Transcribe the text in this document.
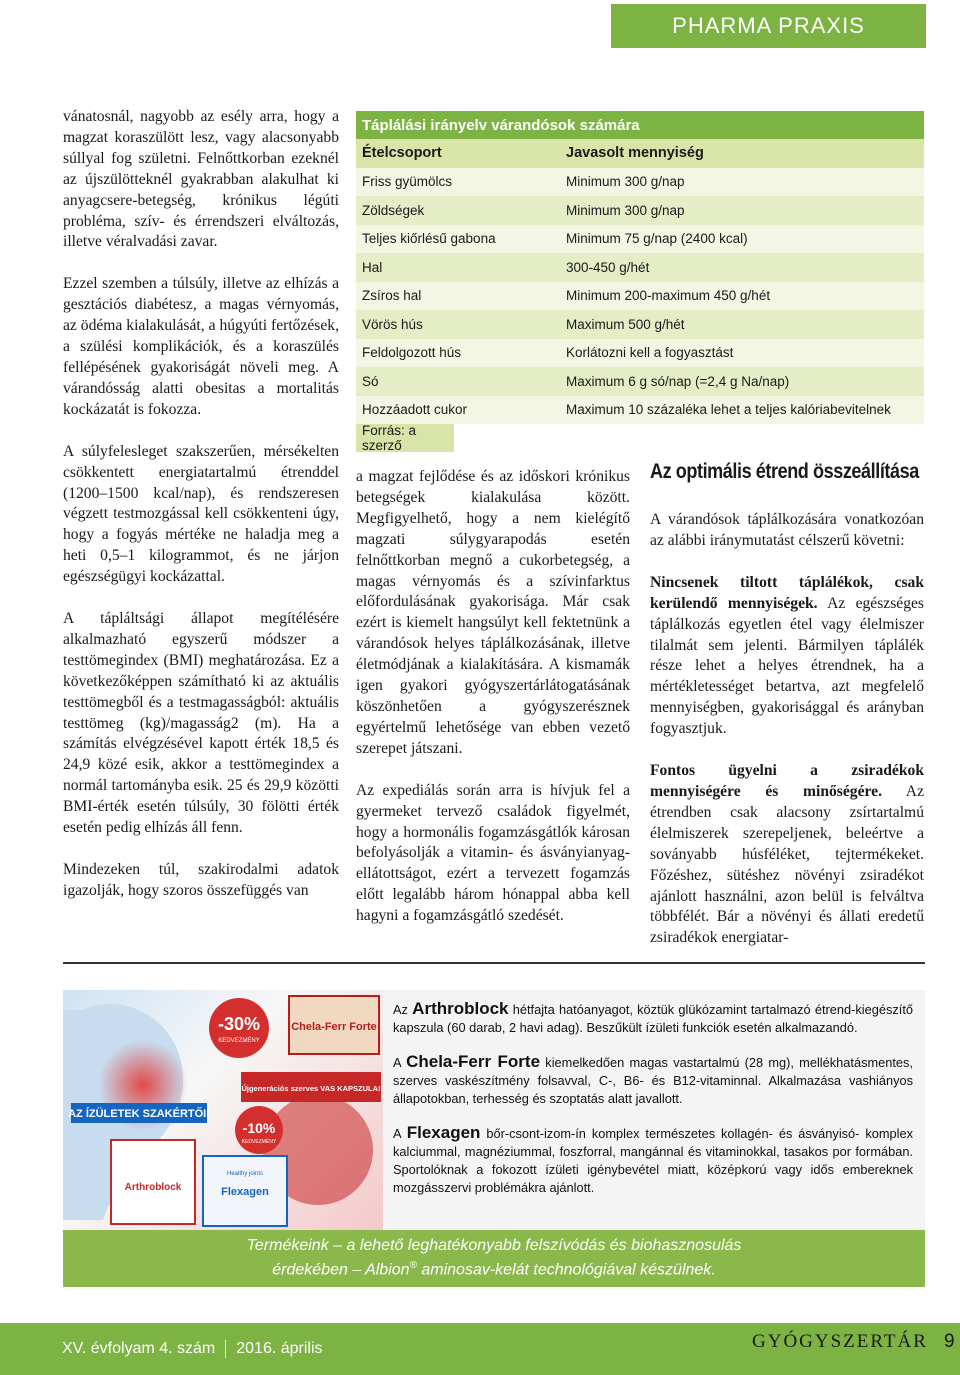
PHARMA PRAXIS

vánatosnál, nagyobb az esély arra, hogy a magzat koraszülött lesz, vagy alacsonyabb súllyal fog születni. Felnőttkorban ezeknél az újszülötteknél gyakrabban alakulhat ki anyagcsere-betegség, krónikus légúti probléma, szív- és érrendszeri elváltozás, illetve véralvadási zavar.

Ezzel szemben a túlsúly, illetve az elhízás a gesztációs diabétesz, a magas vérnyomás, az ödéma kialakulását, a húgyúti fertőzések, a szülési komplikációk, és a koraszülés fellépésének gyakoriságát növeli meg. A várandósság alatti obesitas a mortalitás kockázatát is fokozza.

A súlyfelesleget szakszerűen, mérsékelten csökkentett energiatartalmú étrenddel (1200–1500 kcal/nap), és rendszeresen végzett testmozgással kell csökkenteni úgy, hogy a fogyás mértéke ne haladja meg a heti 0,5–1 kilogrammot, és ne járjon egészségügyi kockázattal.

A tápláltsági állapot megítélésére alkalmazható egyszerű módszer a testtömegindex (BMI) meghatározása. Ez a következőképpen számítható ki az aktuális testtömegből és a testmagasságból: aktuális testtömeg (kg)/magasság2 (m). Ha a számítás elvégzésével kapott érték 18,5 és 24,9 közé esik, akkor a testtömegindex a normál tartományba esik. 25 és 29,9 közötti BMI-érték esetén túlsúly, 30 fölötti érték esetén pedig elhízás áll fenn.

Mindezeken túl, szakirodalmi adatok igazolják, hogy szoros összefüggés van

Táplálási irányelv várandósok számára
Ételcsoport	Javasolt mennyiség
Friss gyümölcs	Minimum 300 g/nap
Zöldségek	Minimum 300 g/nap
Teljes kiőrlésű gabona	Minimum 75 g/nap (2400 kcal)
Hal	300-450 g/hét
Zsíros hal	Minimum 200-maximum 450 g/hét
Vörös hús	Maximum 500 g/hét
Feldolgozott hús	Korlátozni kell a fogyasztást
Só	Maximum 6 g só/nap (=2,4 g Na/nap)
Hozzáadott cukor	Maximum 10 százaléka lehet a teljes kalóriabevitelnek
Forrás: a szerző

a magzat fejlődése és az időskori krónikus betegségek kialakulása között. Megfigyelhető, hogy a nem kielégítő magzati súlygyarapodás esetén felnőttkorban megnő a cukorbetegség, a magas vérnyomás és a szívinfarktus előfordulásának gyakorisága. Már csak ezért is kiemelt hangsúlyt kell fektetnünk a várandósok helyes táplálkozásának, illetve életmódjának a kialakítására. A kismamák igen gyakori gyógyszertárlátogatásának köszönhetően a gyógyszerésznek egyértelmű lehetősége van ebben vezető szerepet játszani.

Az expediálás során arra is hívjuk fel a gyermeket tervező családok figyelmét, hogy a hormonális fogamzásgátlók károsan befolyásolják a vitamin- és ásványianyag-ellátottságot, ezért a tervezett fogamzás előtt legalább három hónappal abba kell hagyni a fogamzásgátló szedését.

Az optimális étrend összeállítása

A várandósok táplálkozására vonatkozóan az alábbi iránymutatást célszerű követni:

Nincsenek tiltott táplálékok, csak kerülendő mennyiségek. Az egészséges táplálkozás egyetlen étel vagy élelmiszer tilalmát sem jelenti. Bármilyen táplálék része lehet a helyes étrendnek, ha a mértékletességet betartva, azt megfelelő mennyiségben, gyakorisággal és arányban fogyasztjuk.

Fontos ügyelni a zsiradékok mennyiségére és minőségére. Az étrendben csak alacsony zsírtartalmú élelmiszerek szerepeljenek, beleértve a soványabb húsféléket, tejtermékeket. Főzéshez, sütéshez növényi zsiradékot ajánlott használni, azon belül is felváltva többfélét. Bár a növényi és állati eredetű zsiradékok energiatar-

Chela-Ferr Forte
-30%
KEDVEZMÉNY
AZ ÍZÜLETEK SZAKÉRTŐI!
Újgenerációs szerves VAS KAPSZULA!
-10%
KEDVEZMÉNY
Arthroblock
Healthy joints
Flexagen

Az Arthroblock hétfajta hatóanyagot, köztük glükózamint tartalmazó étrend-kiegészítő kapszula (60 darab, 2 havi adag). Beszűkült ízületi funkciók esetén alkalmazandó.

A Chela-Ferr Forte kiemelkedően magas vastartalmú (28 mg), mellékhatásmentes, szerves vaskészítmény folsavval, C-, B6- és B12-vitaminnal. Alkalmazása vashiányos állapotokban, terhesség és szoptatás alatt javallott.

A Flexagen bőr-csont-izom-ín komplex természetes kollagén- és ásványisó- komplex kalciummal, magnéziummal, foszforral, mangánnal és vitaminokkal, tasakos por formában. Sportolóknak a fokozott ízületi igénybevétel miatt, középkorú vagy idős embereknek mozgásszervi problémákra ajánlott.

Termékeink – a lehető leghatékonyabb felszívódás és biohasznosulás
érdekében – Albion® aminosav-kelát technológiával készülnek.
XV. évfolyam 4. szám 2016. április	GYÓGYSZERTÁR 9
